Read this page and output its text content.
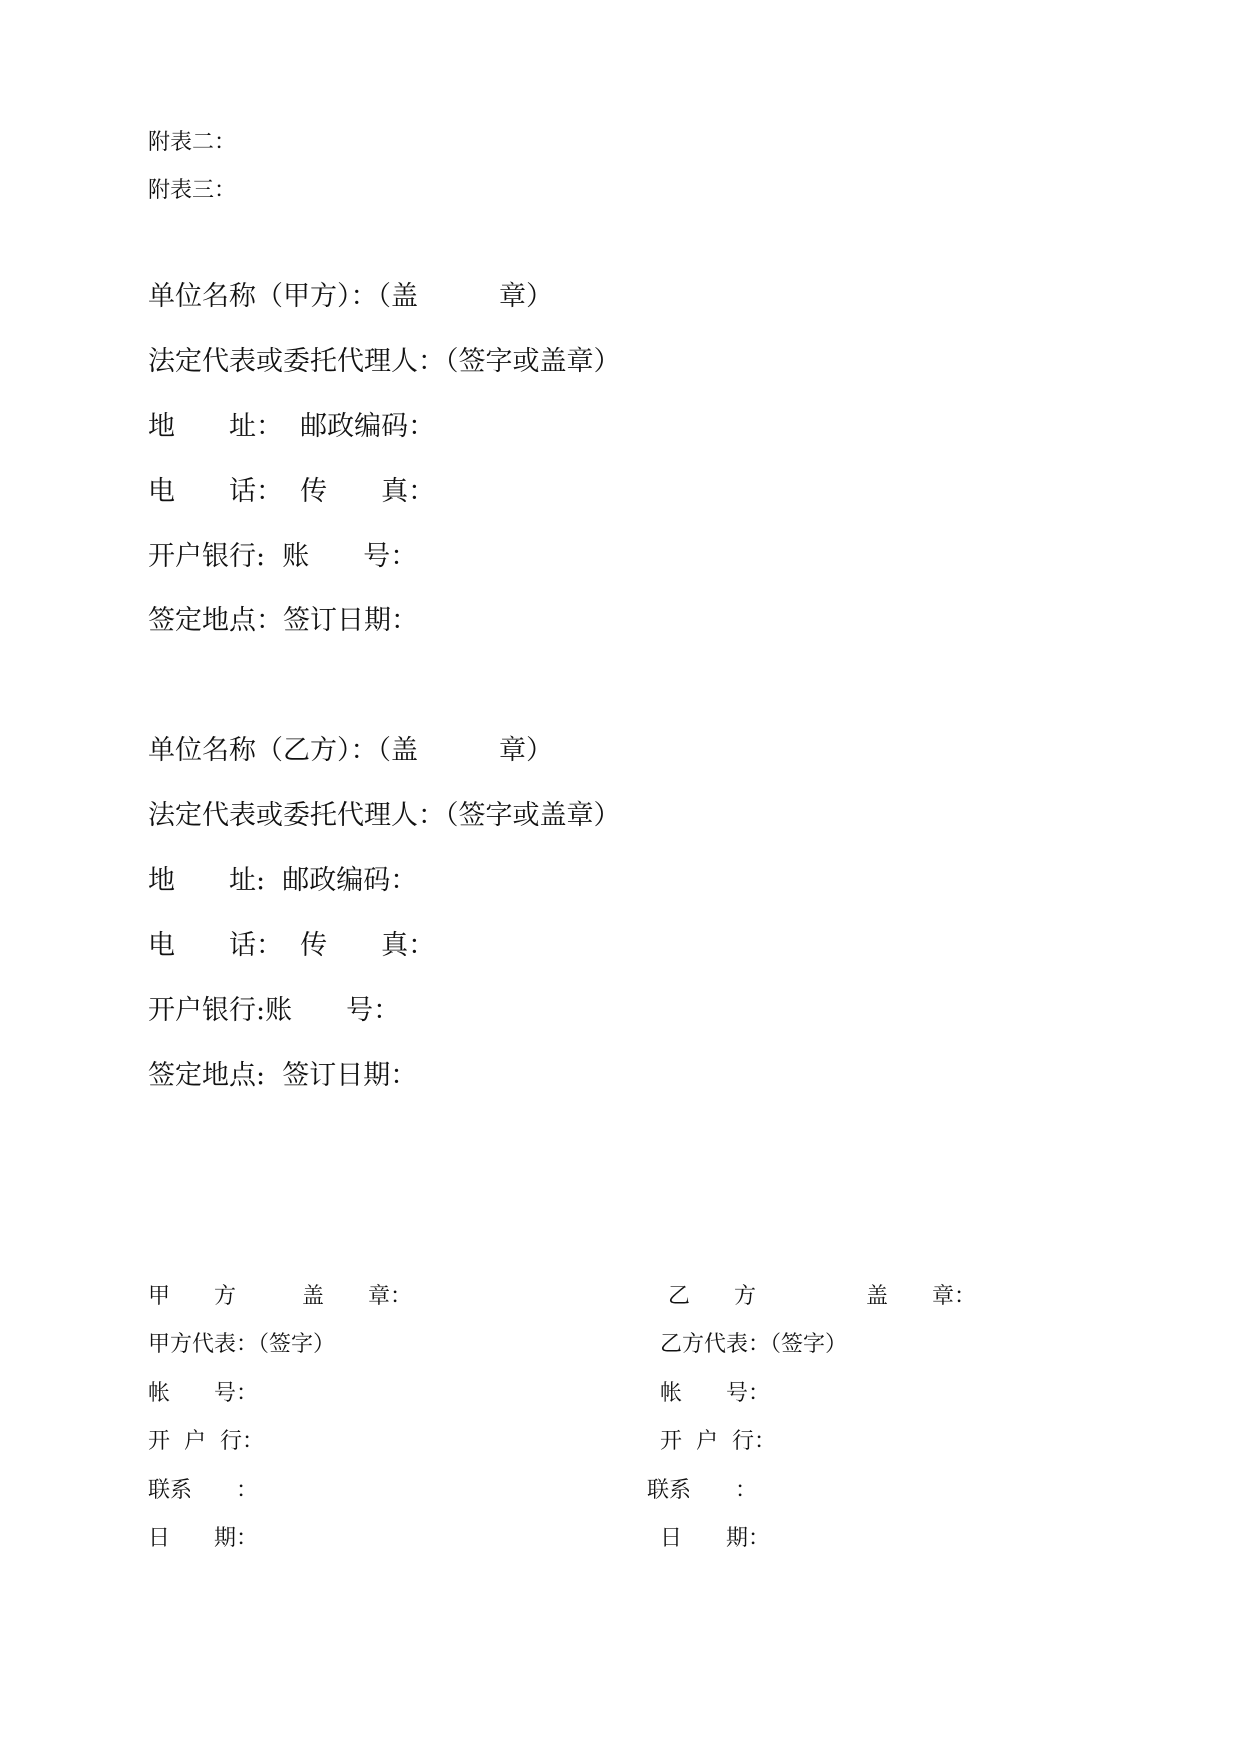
附表二：
附表三：
单位名称（甲方）：（盖　　　章）
法定代表或委托代理人：（签字或盖章）
地　　址：  邮政编码：
电　　话：  传　　真：
开户银行:  账　　号：
签定地点：签订日期：
单位名称（乙方）：（盖　　　章）
法定代表或委托代理人：（签字或盖章）
地　　址:  邮政编码：
电　　话：  传　　真：
开户银行:账　　号：
签定地点:  签订日期：
甲　　方　　　盖　　章：
甲方代表：（签字）
帐　　号：
开  户  行：
联系　　：
日　　期：
乙　　方　　　　　盖　　章：
乙方代表：（签字）
帐　　号：
开  户  行：
联系　　：
日　　期：
